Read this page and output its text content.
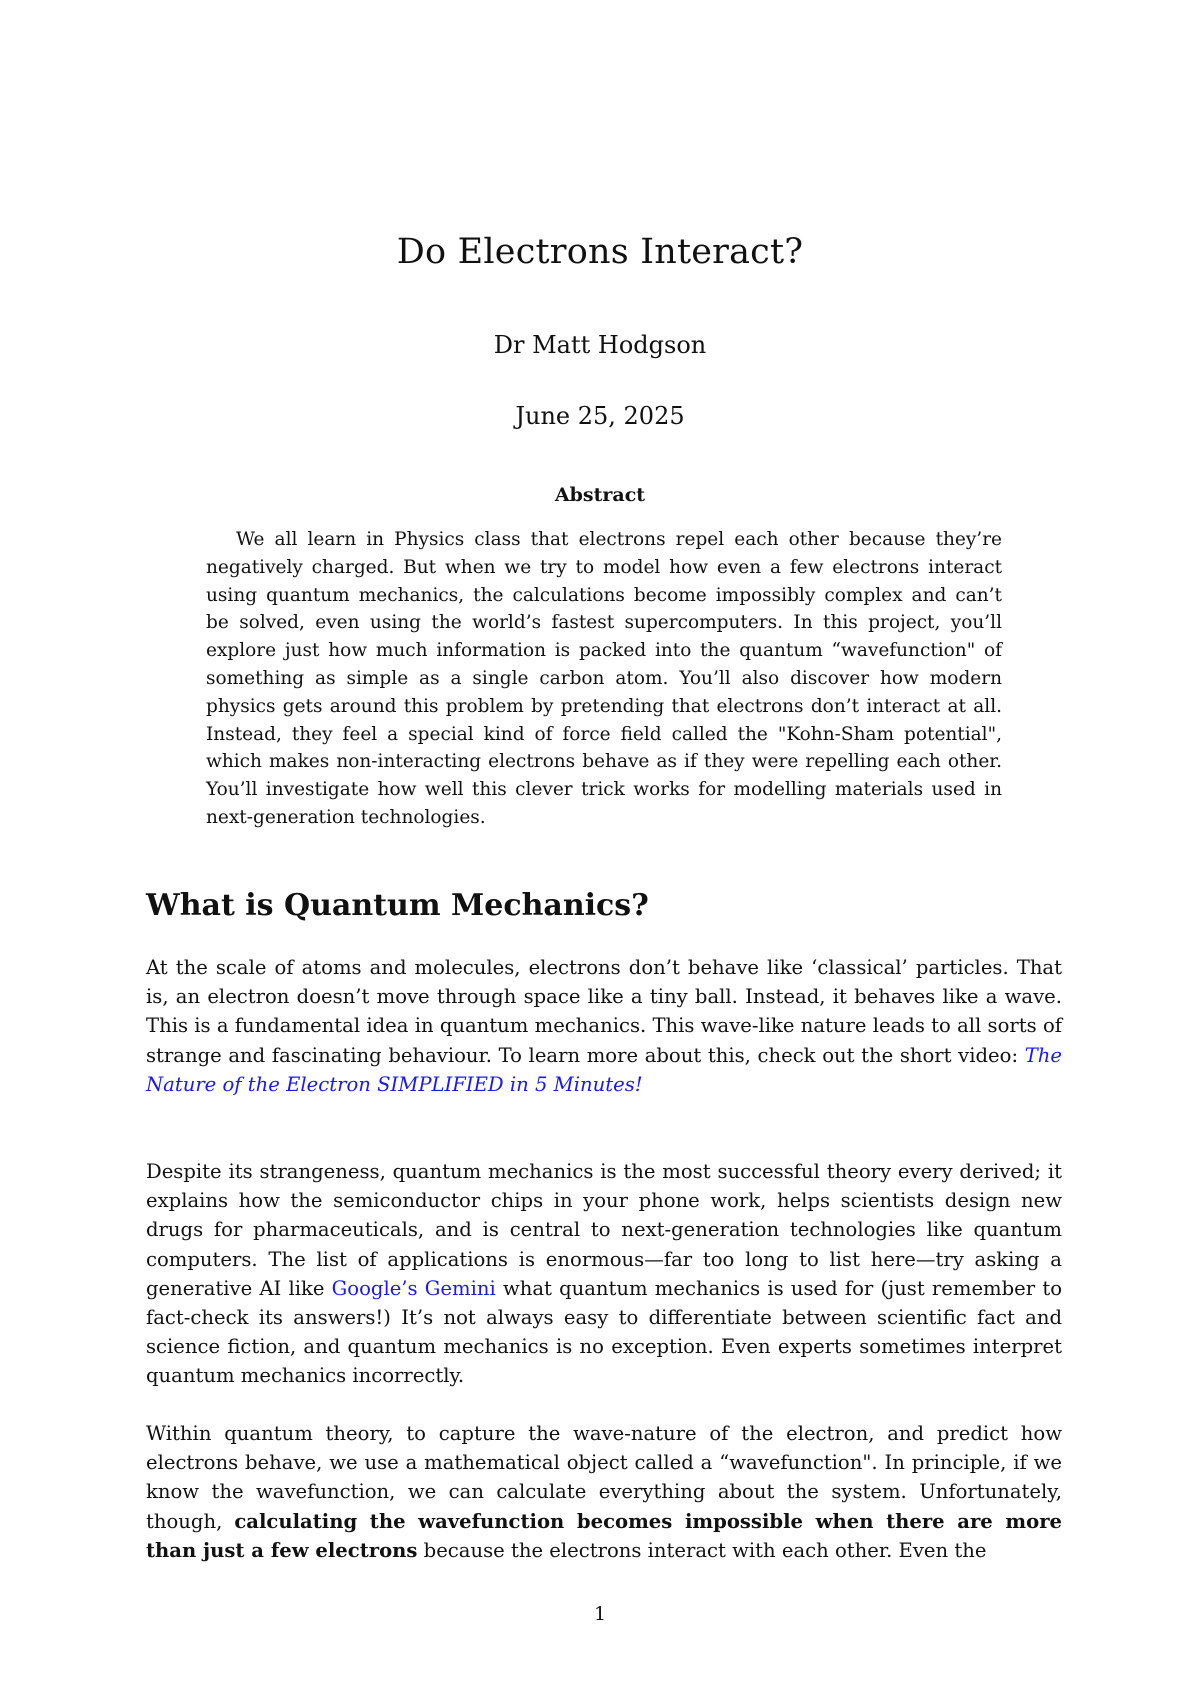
Do Electrons Interact?
Dr Matt Hodgson
June 25, 2025
Abstract

We all learn in Physics class that electrons repel each other because they’re negatively charged. But when we try to model how even a few electrons interact using quantum mechanics, the calculations become impossibly complex and can’t be solved, even using the world’s fastest supercomputers. In this project, you’ll explore just how much information is packed into the quantum “wavefunction" of something as simple as a single carbon atom. You’ll also discover how modern physics gets around this problem by pretending that electrons don’t interact at all. Instead, they feel a special kind of force field called the "Kohn-Sham potential", which makes non-interacting electrons behave as if they were repelling each other. You’ll investigate how well this clever trick works for modelling materials used in next-generation technologies.

What is Quantum Mechanics?

At the scale of atoms and molecules, electrons don’t behave like ‘classical’ particles. That is, an electron doesn’t move through space like a tiny ball. Instead, it behaves like a wave. This is a fundamental idea in quantum mechanics. This wave-like nature leads to all sorts of strange and fascinating behaviour. To learn more about this, check out the short video: The Nature of the Electron SIMPLIFIED in 5 Minutes!

Despite its strangeness, quantum mechanics is the most successful theory every derived; it explains how the semiconductor chips in your phone work, helps scientists design new drugs for pharmaceuticals, and is central to next-generation technologies like quantum computers. The list of applications is enormous—far too long to list here—try asking a generative AI like Google’s Gemini what quantum mechanics is used for (just remember to fact-check its answers!) It’s not always easy to differentiate between scientific fact and science fiction, and quantum mechanics is no exception. Even experts sometimes interpret quantum mechanics incorrectly.

Within quantum theory, to capture the wave-nature of the electron, and predict how electrons behave, we use a mathematical object called a “wavefunction". In principle, if we know the wavefunction, we can calculate everything about the system. Unfortunately, though, calculating the wavefunction becomes impossible when there are more than just a few electrons because the electrons interact with each other. Even the

1
